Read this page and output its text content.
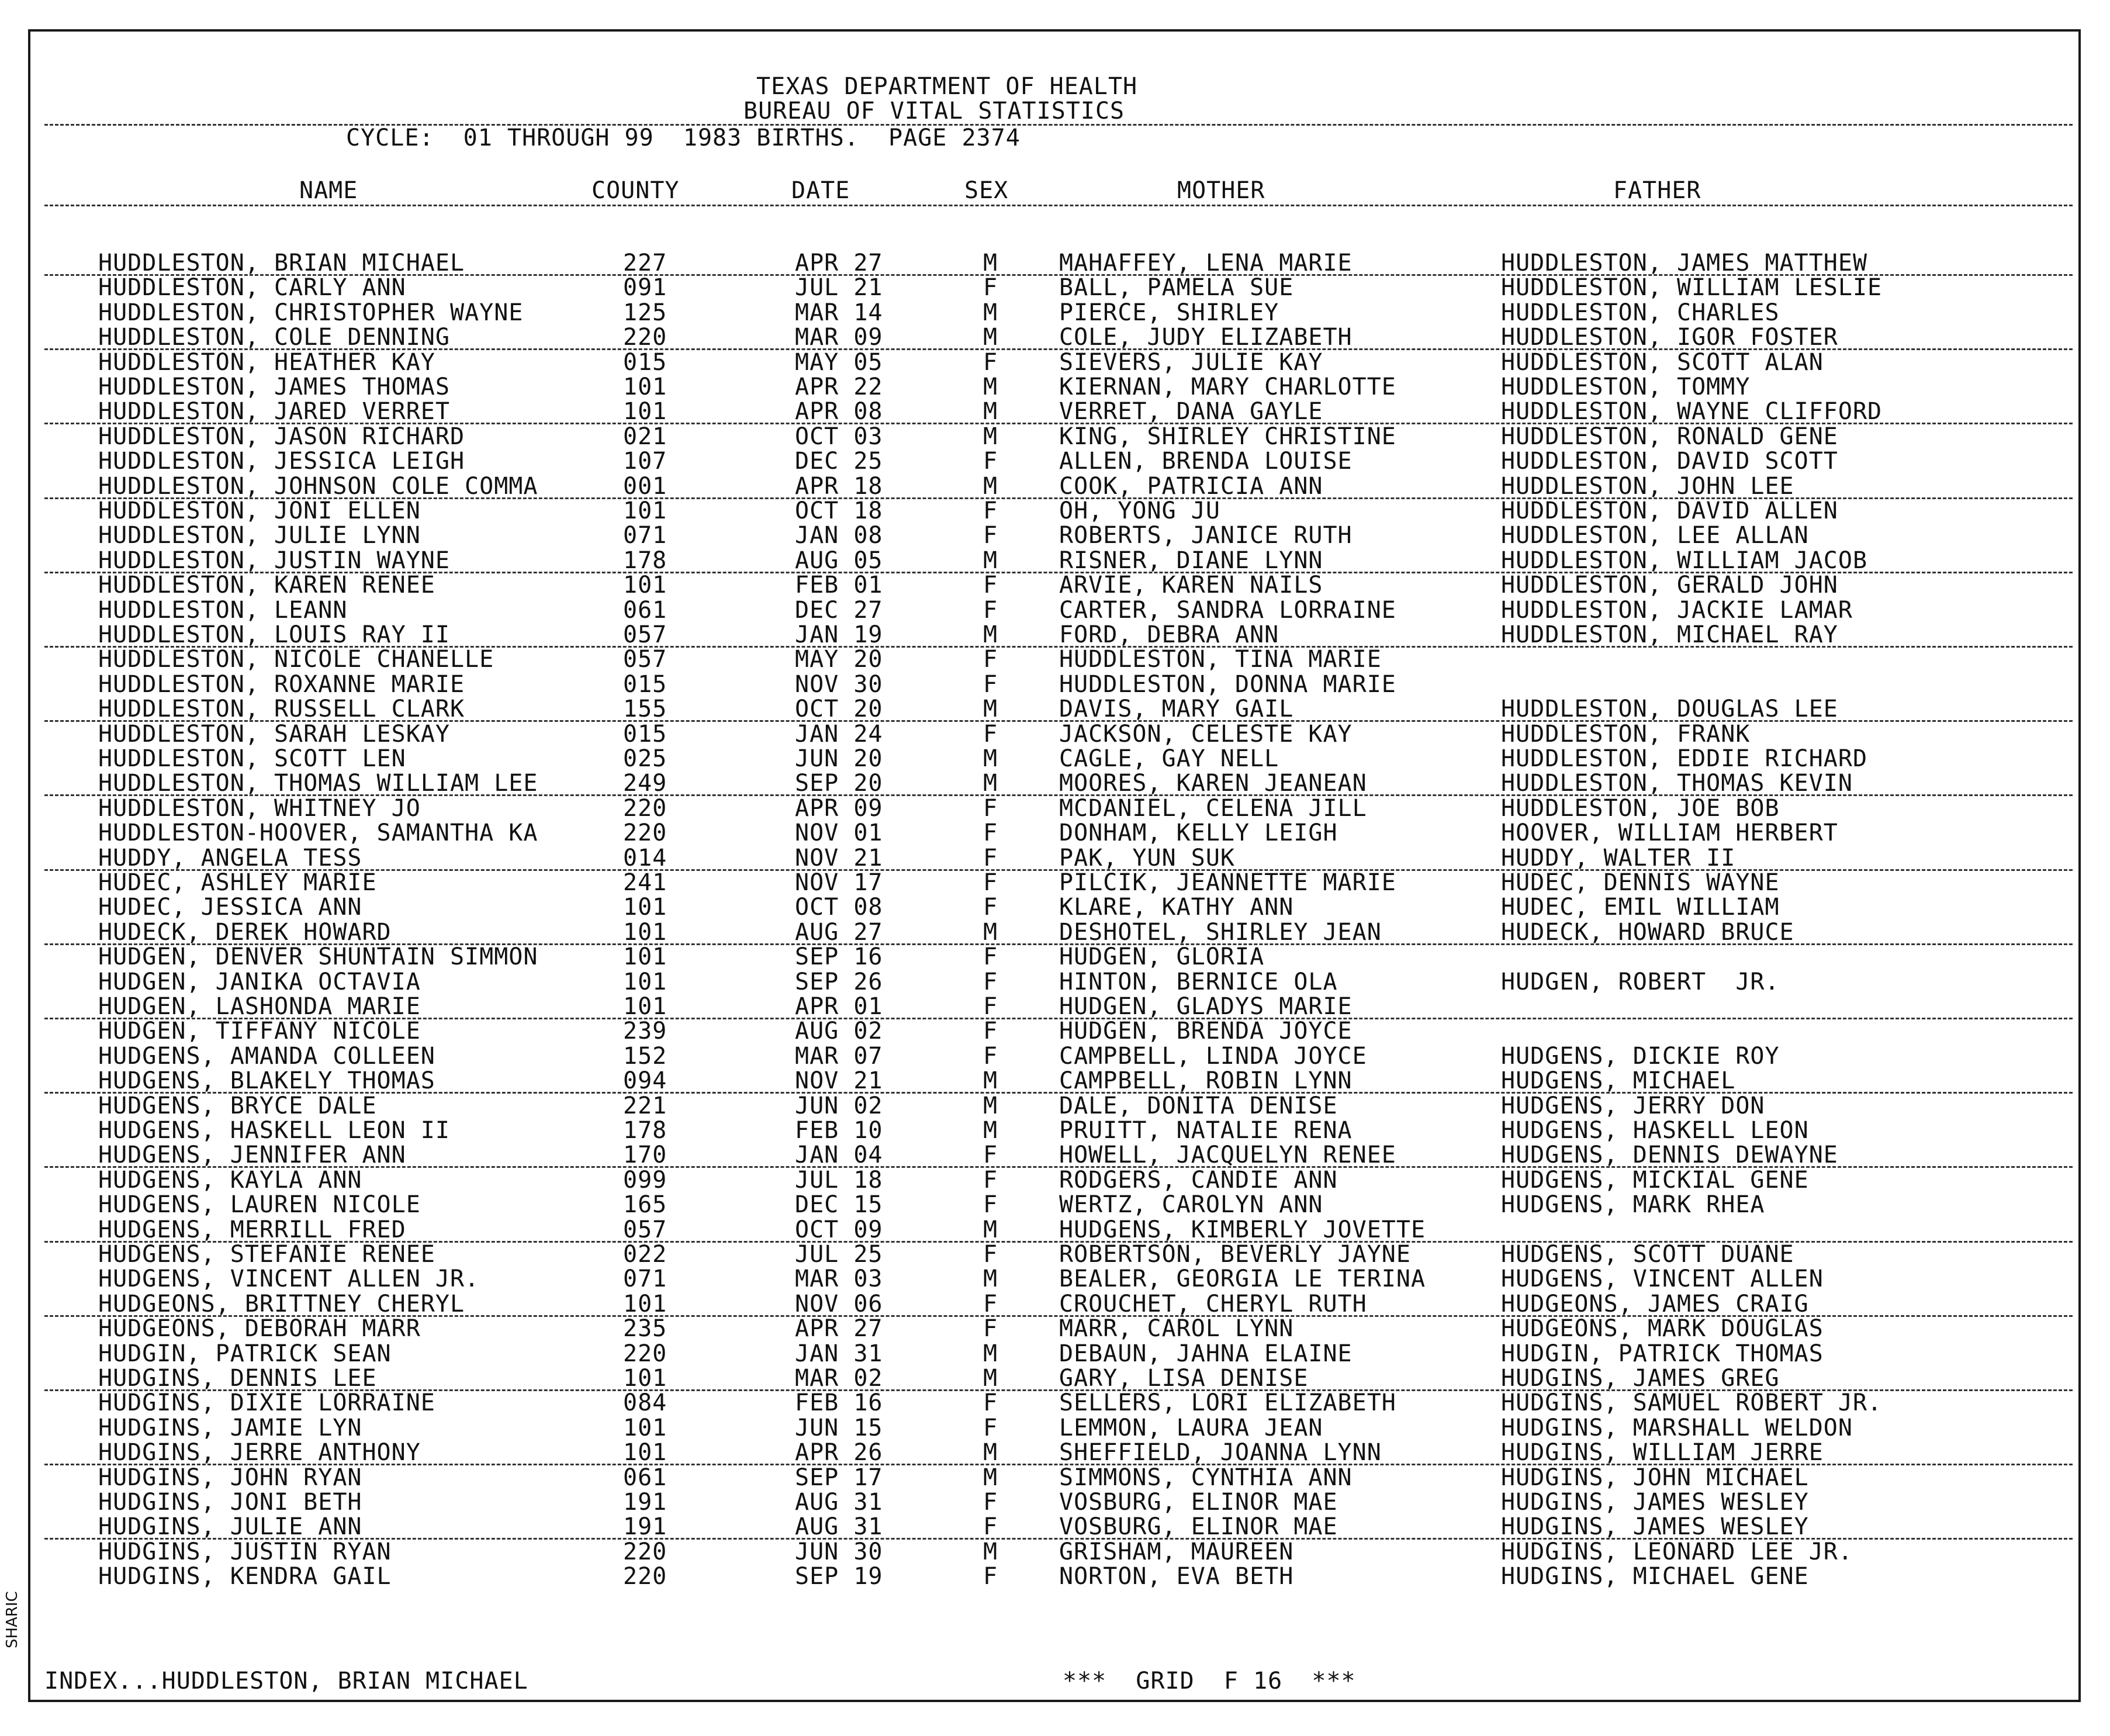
TEXAS DEPARTMENT OF HEALTH
BUREAU OF VITAL STATISTICS
CYCLE:  01 THROUGH 99  1983 BIRTHS.  PAGE 2374
NAME	COUNTY	DATE	SEX	MOTHER	FATHER
HUDDLESTON, BRIAN MICHAEL	227	APR 27	M	MAHAFFEY, LENA MARIE	HUDDLESTON, JAMES MATTHEW
HUDDLESTON, CARLY ANN	091	JUL 21	F	BALL, PAMELA SUE	HUDDLESTON, WILLIAM LESLIE
HUDDLESTON, CHRISTOPHER WAYNE	125	MAR 14	M	PIERCE, SHIRLEY	HUDDLESTON, CHARLES
HUDDLESTON, COLE DENNING	220	MAR 09	M	COLE, JUDY ELIZABETH	HUDDLESTON, IGOR FOSTER
HUDDLESTON, HEATHER KAY	015	MAY 05	F	SIEVERS, JULIE KAY	HUDDLESTON, SCOTT ALAN
HUDDLESTON, JAMES THOMAS	101	APR 22	M	KIERNAN, MARY CHARLOTTE	HUDDLESTON, TOMMY
HUDDLESTON, JARED VERRET	101	APR 08	M	VERRET, DANA GAYLE	HUDDLESTON, WAYNE CLIFFORD
HUDDLESTON, JASON RICHARD	021	OCT 03	M	KING, SHIRLEY CHRISTINE	HUDDLESTON, RONALD GENE
HUDDLESTON, JESSICA LEIGH	107	DEC 25	F	ALLEN, BRENDA LOUISE	HUDDLESTON, DAVID SCOTT
HUDDLESTON, JOHNSON COLE COMMA	001	APR 18	M	COOK, PATRICIA ANN	HUDDLESTON, JOHN LEE
HUDDLESTON, JONI ELLEN	101	OCT 18	F	OH, YONG JU	HUDDLESTON, DAVID ALLEN
HUDDLESTON, JULIE LYNN	071	JAN 08	F	ROBERTS, JANICE RUTH	HUDDLESTON, LEE ALLAN
HUDDLESTON, JUSTIN WAYNE	178	AUG 05	M	RISNER, DIANE LYNN	HUDDLESTON, WILLIAM JACOB
HUDDLESTON, KAREN RENEE	101	FEB 01	F	ARVIE, KAREN NAILS	HUDDLESTON, GERALD JOHN
HUDDLESTON, LEANN	061	DEC 27	F	CARTER, SANDRA LORRAINE	HUDDLESTON, JACKIE LAMAR
HUDDLESTON, LOUIS RAY II	057	JAN 19	M	FORD, DEBRA ANN	HUDDLESTON, MICHAEL RAY
HUDDLESTON, NICOLE CHANELLE	057	MAY 20	F	HUDDLESTON, TINA MARIE
HUDDLESTON, ROXANNE MARIE	015	NOV 30	F	HUDDLESTON, DONNA MARIE
HUDDLESTON, RUSSELL CLARK	155	OCT 20	M	DAVIS, MARY GAIL	HUDDLESTON, DOUGLAS LEE
HUDDLESTON, SARAH LESKAY	015	JAN 24	F	JACKSON, CELESTE KAY	HUDDLESTON, FRANK
HUDDLESTON, SCOTT LEN	025	JUN 20	M	CAGLE, GAY NELL	HUDDLESTON, EDDIE RICHARD
HUDDLESTON, THOMAS WILLIAM LEE	249	SEP 20	M	MOORES, KAREN JEANEAN	HUDDLESTON, THOMAS KEVIN
HUDDLESTON, WHITNEY JO	220	APR 09	F	MCDANIEL, CELENA JILL	HUDDLESTON, JOE BOB
HUDDLESTON-HOOVER, SAMANTHA KA	220	NOV 01	F	DONHAM, KELLY LEIGH	HOOVER, WILLIAM HERBERT
HUDDY, ANGELA TESS	014	NOV 21	F	PAK, YUN SUK	HUDDY, WALTER II
HUDEC, ASHLEY MARIE	241	NOV 17	F	PILCIK, JEANNETTE MARIE	HUDEC, DENNIS WAYNE
HUDEC, JESSICA ANN	101	OCT 08	F	KLARE, KATHY ANN	HUDEC, EMIL WILLIAM
HUDECK, DEREK HOWARD	101	AUG 27	M	DESHOTEL, SHIRLEY JEAN	HUDECK, HOWARD BRUCE
HUDGEN, DENVER SHUNTAIN SIMMON	101	SEP 16	F	HUDGEN, GLORIA
HUDGEN, JANIKA OCTAVIA	101	SEP 26	F	HINTON, BERNICE OLA	HUDGEN, ROBERT  JR.
HUDGEN, LASHONDA MARIE	101	APR 01	F	HUDGEN, GLADYS MARIE
HUDGEN, TIFFANY NICOLE	239	AUG 02	F	HUDGEN, BRENDA JOYCE
HUDGENS, AMANDA COLLEEN	152	MAR 07	F	CAMPBELL, LINDA JOYCE	HUDGENS, DICKIE ROY
HUDGENS, BLAKELY THOMAS	094	NOV 21	M	CAMPBELL, ROBIN LYNN	HUDGENS, MICHAEL
HUDGENS, BRYCE DALE	221	JUN 02	M	DALE, DONITA DENISE	HUDGENS, JERRY DON
HUDGENS, HASKELL LEON II	178	FEB 10	M	PRUITT, NATALIE RENA	HUDGENS, HASKELL LEON
HUDGENS, JENNIFER ANN	170	JAN 04	F	HOWELL, JACQUELYN RENEE	HUDGENS, DENNIS DEWAYNE
HUDGENS, KAYLA ANN	099	JUL 18	F	RODGERS, CANDIE ANN	HUDGENS, MICKIAL GENE
HUDGENS, LAUREN NICOLE	165	DEC 15	F	WERTZ, CAROLYN ANN	HUDGENS, MARK RHEA
HUDGENS, MERRILL FRED	057	OCT 09	M	HUDGENS, KIMBERLY JOVETTE
HUDGENS, STEFANIE RENEE	022	JUL 25	F	ROBERTSON, BEVERLY JAYNE	HUDGENS, SCOTT DUANE
HUDGENS, VINCENT ALLEN JR.	071	MAR 03	M	BEALER, GEORGIA LE TERINA	HUDGENS, VINCENT ALLEN
HUDGEONS, BRITTNEY CHERYL	101	NOV 06	F	CROUCHET, CHERYL RUTH	HUDGEONS, JAMES CRAIG
HUDGEONS, DEBORAH MARR	235	APR 27	F	MARR, CAROL LYNN	HUDGEONS, MARK DOUGLAS
HUDGIN, PATRICK SEAN	220	JAN 31	M	DEBAUN, JAHNA ELAINE	HUDGIN, PATRICK THOMAS
HUDGINS, DENNIS LEE	101	MAR 02	M	GARY, LISA DENISE	HUDGINS, JAMES GREG
HUDGINS, DIXIE LORRAINE	084	FEB 16	F	SELLERS, LORI ELIZABETH	HUDGINS, SAMUEL ROBERT JR.
HUDGINS, JAMIE LYN	101	JUN 15	F	LEMMON, LAURA JEAN	HUDGINS, MARSHALL WELDON
HUDGINS, JERRE ANTHONY	101	APR 26	M	SHEFFIELD, JOANNA LYNN	HUDGINS, WILLIAM JERRE
HUDGINS, JOHN RYAN	061	SEP 17	M	SIMMONS, CYNTHIA ANN	HUDGINS, JOHN MICHAEL
HUDGINS, JONI BETH	191	AUG 31	F	VOSBURG, ELINOR MAE	HUDGINS, JAMES WESLEY
HUDGINS, JULIE ANN	191	AUG 31	F	VOSBURG, ELINOR MAE	HUDGINS, JAMES WESLEY
HUDGINS, JUSTIN RYAN	220	JUN 30	M	GRISHAM, MAUREEN	HUDGINS, LEONARD LEE JR.
HUDGINS, KENDRA GAIL	220	SEP 19	F	NORTON, EVA BETH	HUDGINS, MICHAEL GENE
INDEX...HUDDLESTON, BRIAN MICHAEL	***  GRID  F 16  ***
SHARIC
